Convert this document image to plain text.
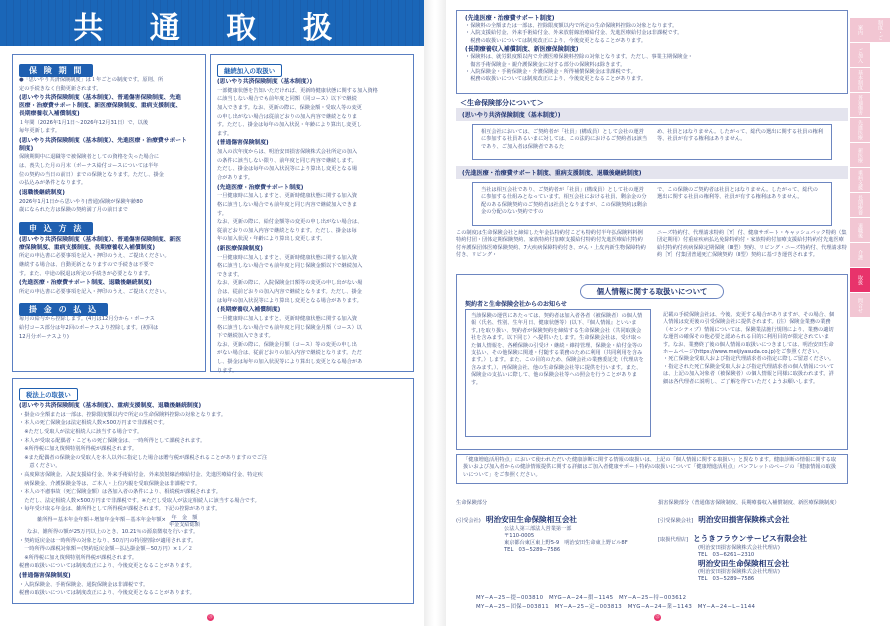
共 通 取 扱
保 険 期 間

●「思いやり共済保険制度」は１年ごとの制度です。原則、所

定の手続きなく自動更新されます。

(思いやり共済保険制度（基本制度）、普通傷害保険制度、先進

医療・治療費サポート制度、新医療保険制度、重病支援制度、

長期療養収入補償制度)

１年間（2026年1月1日〜2026年12月31日）で、以後

毎年更新します。

(思いやり共済保険制度（基本制度）、先進医療・治療費サポート

制度)

保険期間中に退職等で被保険者としての資格を失った場合に

は、喪失した月の月末（ボーナス給付コースについては半年

位の契約の当日の前日）までの保険となります。ただし、掛金

の払込みが条件となります。

(退職後継続制度)

2026年1月1日から思いやり(普通)保険が保険年齢80

歳になられた方は保険の契約満了月の前日まで

申 込 方 法

(思いやり共済保険制度（基本制度）、普通傷害保険制度、新医

療保険制度、重病支援制度、長期療養収入補償制度)

所定の申込書に必要事項を記入・押印のうえ、ご提出ください。

継続する場合は、自動更新となりますので手続きは不要で

す。また、中途の脱退は所定の手続きが必要となります。

(先進医療・治療費サポート制度、退職後継続制度)

所定の申込書に必要事項を記入・押印のうえ、ご提出ください。

掛 金 の 払 込

毎月の給与から控除します。(4月は12月分から・ボーナス

給付コース部分は年2回のボーナスより控除します。(初回は

12月分ボーナスより)

継続加入の取扱い

(思いやり共済保険制度（基本制度）)

一部健康状態を告知いただければ、更新時健康状態に関する加入資格

に該当しない場合でも前年度と同額（同コース）以下で継続

加入できます。なお、更新の際に、保険金額・受取人等の変更

の申し出がない場合は従前どおりの加入内容で継続となりま

す。ただし、掛金は毎年の加入状況・年齢により算出し変更し

ます。

(普通傷害保険制度)

加入の次年度からは、明治安田損害保険株式会社所定の加入

の条件に該当しない限り、前年度と同じ内容で継続します。

ただし、掛金は毎年の加入状況等により算出し変更となる場

合があります。

(先進医療・治療費サポート制度)

一旦健康時に加入しますと、更新時健康状態に関する加入資

格に該当しない場合でも前年度と同じ内容で継続加入できま

す。

なお、更新の際に、給付金額等の変更の申し出がない場合は、

従前どおりの加入内容で継続となります。ただし、掛金は毎

年の加入状況・年齢により算出し変更します。

(新医療保険制度)

一旦健康時に加入しますと、更新時健康状態に関する加入資

格に該当しない場合でも前年度と同じ保険金額以下で継続加入

できます。

なお、更新の際に、入院保険金日額等の変更の申し出がない場

合は、従前どおりの加入内容で継続となります。ただし、掛金

は毎年の加入状況等により算出し変更となる場合があります。

(長期療養収入補償制度)

一旦健康時に加入しますと、更新時健康状態に関する加入資

格に該当しない場合でも前年度と同じ保険金月額（コース）以

下で継続加入できます。

なお、更新の際に、保険金月額（コース）等の変更の申し出

がない場合は、従前どおりの加入内容で継続となります。ただ

し、掛金は毎年の加入状況等により算出し変更となる場合があ

ります。

税法上の取扱い

(思いやり共済保険制度（基本制度）、重病支援制度、退職後継続制度)

・掛金の全額または一部は、控除限度額以内で所定の生命保険料控除の対象となります。

・本人の死亡保険金は法定相続人数×500万円まで非課税です。

　※ただし受取人が法定相続人に該当する場合です。

・本人が受取る配偶者・こどもの死亡保険金は、一時所得として課税されます。

　※所得税に加え復興特別所得税が課税されます。

　※また配偶者の保険金の受取人を本人以外に指定した場合は贈与税が課税されることがありますのでご注

　　意ください。

・高度障害保険金、入院支援給付金、外来手術給付金、外来放射線治療給付金、先進医療給付金、特定疾

　病保険金、介護保険金等は、ご本人・上位内親を受取保険金は非課税です。

・本人の不慮事故（死亡保険金額）は各加入者の条件により、相続税が課税されます。

　ただし、法定相続人数×500万円まで非課税です。※ただし受取人が法定相続人に該当する場合です。

・毎年受け取る年金は、雑所得として所得税が課税されます。下記の控除があります。

雑所得＝基本年金年額＋増加年金年額－基本年金年額× 年　金　額
年金支給総額

なお、雑所得の額が25万円以上のとき、10.21％の源泉徴収を行います。

・契約返戻金は一時所得の対象となり、50万円の特別控除が適用されます。

　一時所得の課税対象額＝(契約返戻金額－払込掛金額－50万円）×１／２

　※所得税に加え復興特別所得税が課税されます。

税務の取扱いについては制度改正により、今後変更となることがあります。

(普通傷害保険制度)

・入院保険金、手術保険金、通院保険金は非課税です。

税務の取扱いについては制度改正により、今後変更となることがあります。

㉛

(先進医療・治療費サポート制度)

・保険料の全額または一部は、控除限度額以内で所定の生命保険料控除の対象となります。

・入院支援給付金、外来手術給付金、外来放射線治療給付金、先進医療給付金は非課税です。

　税務の取扱いについては制度改正により、今後変更となることがあります。

(長期療養収入補償制度、新医療保険制度)

・保険料は、就労限度額以内で介護医療保険料控除の対象となります。ただし、事業主期保険金・

　傷害手術保険金・親介護保険金に対する部分の保険料は除きます。

・入院保険金・手術保険金・介護保険金・所得補償保険金は非課税です。

　税務の取扱いについては制度改正により、今後変更となることがあります。

＜生命保険部分について＞
(思いやり共済保険制度（基本制度）)

相互会社においては、ご契約者が「社員」(構成員）として会社の運営に参加する社員あるいまに対しては、この法的におけるご契約者は該当であり、ご加入者は保険者であるた

め、社員とはなりません。したがって、総代の選出に関する社員の権利等、社員が有する権利はありません。

(先進医療・治療費サポート制度、重病支援制度、退職後継続制度)

当社は相互会社であり、ご契約者が「社員」(構成員）として社の運営に参加する仕組みとなっています。相互会社における社員、剰余金の分配のある保険契約のご契約者は社員となりますが、この保険契約は剰余金の分配のない契約ですの

で、この保険のご契約者は社員とはなりません。したがって、総代の選出に関する社員の権利等、社員が有する権利はありません。

この制度は生命保険会社と締結した年金払特約付こども特約付半年払保険料料例特約付団・団体定期保険契約、家族特約付加療支援給付特約付先進医療給付特約付弁護保団体医療保険契約、7大疾病保障特約付き、がん・上皮内新生物保障特約付き、リビング・

ニーズ特約付、代理請求特約［Y］付、健康サポート・キャッシュバック特約（集団定期用）付重症疾病払込免除特約付・家族特約付加療支援給付特約付先進医療給付特約付疾病保障定期保険（Ⅲ型）契約、リビング・ニーズ特約付、代理請求特約［Y］付集団普通死亡保険契約（Ⅱ型）契約に基づき運営されます。

個人情報に関する取扱いについて

契約者と生命保険会社からのお知らせ

当該保険の運営にあたっては、契約者は加入者各者（被保険者）の個人情報（氏名、性別、生年月日、健康状態等）(以下、『個人情報』といいます。)を取り扱い、契約者が保険契約を締結する生命保険会社（共同取扱会社を含みます。以下同じ）へ提供いたします。生命保険会社は、受け取った個人情報を、各種保険の引受け・継続・維持管理、保険金・給付金等の支払い、その他保険に関連・付随する業務のために利用（共同利用を含みます。）します。また、この目的のため、保険会社の業務委託先（代理店を含みます。）、再保険会社、他の生命保険会社等に提供を行います。また、保険金の支払いに際して、他の保険会社等への照会を行うことがあります。

記載の手続保険会社は、今後、変更する場合がありますが、その場合、個人情報は変更後の引受保険会社に提供されます。(注）保険金業務の業務（センシティブ）情報については、保険業法施行規則により、業務の適切な運営の確保その他必要と認められる目的に利用目的が限定されています。なお、業務終了後の個人情報の取扱いにつきましては、明治安田生命ホームページ(https://www.meijiyasuda.co.jp)をご参照ください。
・死亡保険金受取人および指定代理請求者の指定に際しご留意ください。
・指定された死亡保険金受取人および指定代理請求者の個人情報については、上記の加入対象者（被保険者）の個人情報と同様に取扱われます。詳細は各代理者に説明し、ご了解を得ていただくようお願いします。

「健康増進活用特点」において使われただいた健康診断に関する情報の取扱いは、上記の「個人情報に関する取扱い」と異なります。健康診断の情報に関する取扱いおよび加入者からの健診情報提供に関する詳細はご加入者健康サポート特約の取扱いについて「健康増進活用点」パンフレットのページの「健康情報の取扱いについて」をご参照ください。

生命保険部分
(引受会社) 明治安田生命保険相互会社
公法人第三部法人営業第一部
〒110-0005
東京都台東区東上野5-9　明治安田生命東上野ビル8F
TEL　03−5289−7586
損害保険部分（普通傷害保険制度、長期療養収入補償制度、新医療保険制度）
[引受保険会社] 明治安田損害保険株式会社
[取扱代理店] とうきフラウンサービス有限会社
(明治安田損害保険株式会社代理店)
TEL　03−6261−2310
明治安田生命保険相互会社
(明治安田損害保険株式会社代理店)
TEL　03−5289−7586
MY−A−25−提−003810　MYG−A−24−損−1145　MY−A−25−持−003612
MY−A−25−団保−003811　MY−A−25−定−003813　MYG−A−24−業−1143　MY−A−24−L−1144
㉜
制度・ご案内
ご加入
基本制度
普通傷害
先進医療
新医療
重病支援
長期療養
退職後
介護
取扱
問合せ
